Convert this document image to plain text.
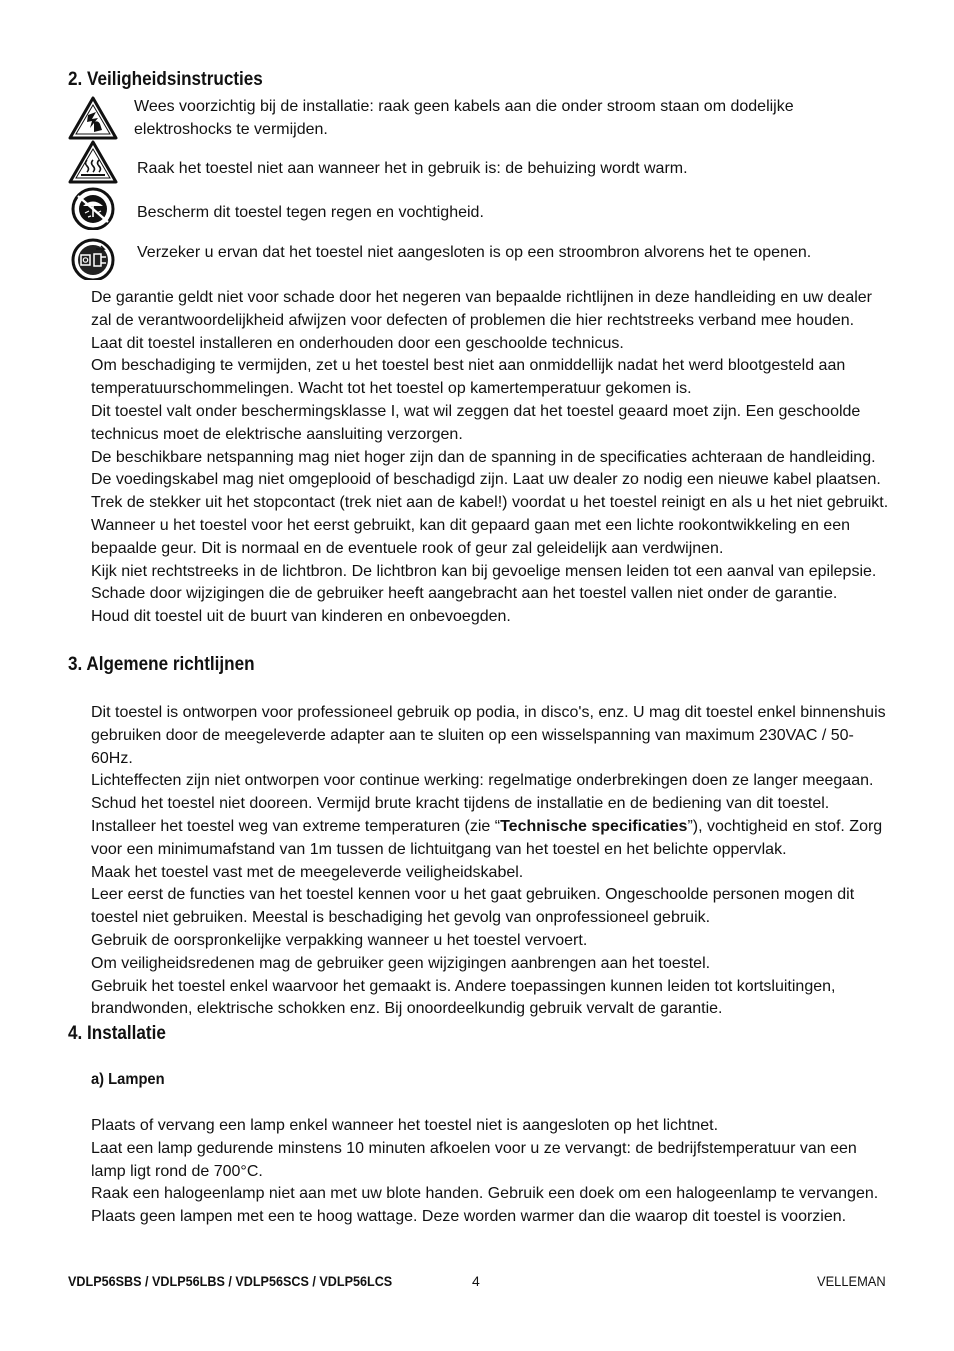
2. Veiligheidsinstructies
Wees voorzichtig bij de installatie: raak geen kabels aan die onder stroom staan om dodelijke elektroshocks te vermijden.
Raak het toestel niet aan wanneer het in gebruik is: de behuizing wordt warm.
Bescherm dit toestel tegen regen en vochtigheid.
Verzeker u ervan dat het toestel niet aangesloten is op een stroombron alvorens het te openen.

De garantie geldt niet voor schade door het negeren van bepaalde richtlijnen in deze handleiding en uw dealer zal de verantwoordelijkheid afwijzen voor defecten of problemen die hier rechtstreeks verband mee houden.

Laat dit toestel installeren en onderhouden door een geschoolde technicus.

Om beschadiging te vermijden, zet u het toestel best niet aan onmiddellijk nadat het werd blootgesteld aan temperatuurschommelingen. Wacht tot het toestel op kamertemperatuur gekomen is.

Dit toestel valt onder beschermingsklasse I, wat wil zeggen dat het toestel geaard moet zijn. Een geschoolde technicus moet de elektrische aansluiting verzorgen.

De beschikbare netspanning mag niet hoger zijn dan de spanning in de specificaties achteraan de handleiding.

De voedingskabel mag niet omgeplooid of beschadigd zijn. Laat uw dealer zo nodig een nieuwe kabel plaatsen.

Trek de stekker uit het stopcontact (trek niet aan de kabel!) voordat u het toestel reinigt en als u het niet gebruikt.

Wanneer u het toestel voor het eerst gebruikt, kan dit gepaard gaan met een lichte rookontwikkeling en een bepaalde geur. Dit is normaal en de eventuele rook of geur zal geleidelijk aan verdwijnen.

Kijk niet rechtstreeks in de lichtbron. De lichtbron kan bij gevoelige mensen leiden tot een aanval van epilepsie.

Schade door wijzigingen die de gebruiker heeft aangebracht aan het toestel vallen niet onder de garantie.

Houd dit toestel uit de buurt van kinderen en onbevoegden.

3. Algemene richtlijnen

Dit toestel is ontworpen voor professioneel gebruik op podia, in disco's, enz. U mag dit toestel enkel binnenshuis gebruiken door de meegeleverde adapter aan te sluiten op een wisselspanning van maximum 230VAC / 50-60Hz.

Lichteffecten zijn niet ontworpen voor continue werking: regelmatige onderbrekingen doen ze langer meegaan.

Schud het toestel niet dooreen. Vermijd brute kracht tijdens de installatie en de bediening van dit toestel.

Installeer het toestel weg van extreme temperaturen (zie “Technische specificaties”), vochtigheid en stof. Zorg voor een minimumafstand van 1m tussen de lichtuitgang van het toestel en het belichte oppervlak.

Maak het toestel vast met de meegeleverde veiligheidskabel.

Leer eerst de functies van het toestel kennen voor u het gaat gebruiken. Ongeschoolde personen mogen dit toestel niet gebruiken. Meestal is beschadiging het gevolg van onprofessioneel gebruik.

Gebruik de oorspronkelijke verpakking wanneer u het toestel vervoert.

Om veiligheidsredenen mag de gebruiker geen wijzigingen aanbrengen aan het toestel.

Gebruik het toestel enkel waarvoor het gemaakt is. Andere toepassingen kunnen leiden tot kortsluitingen, brandwonden, elektrische schokken enz. Bij onoordeelkundig gebruik vervalt de garantie.

4. Installatie
a) Lampen

Plaats of vervang een lamp enkel wanneer het toestel niet is aangesloten op het lichtnet.

Laat een lamp gedurende minstens 10 minuten afkoelen voor u ze vervangt: de bedrijfstemperatuur van een lamp ligt rond de 700°C.

Raak een halogeenlamp niet aan met uw blote handen. Gebruik een doek om een halogeenlamp te vervangen.

Plaats geen lampen met een te hoog wattage. Deze worden warmer dan die waarop dit toestel is voorzien.

VDLP56SBS / VDLP56LBS / VDLP56SCS / VDLP56LCS	4	VELLEMAN
